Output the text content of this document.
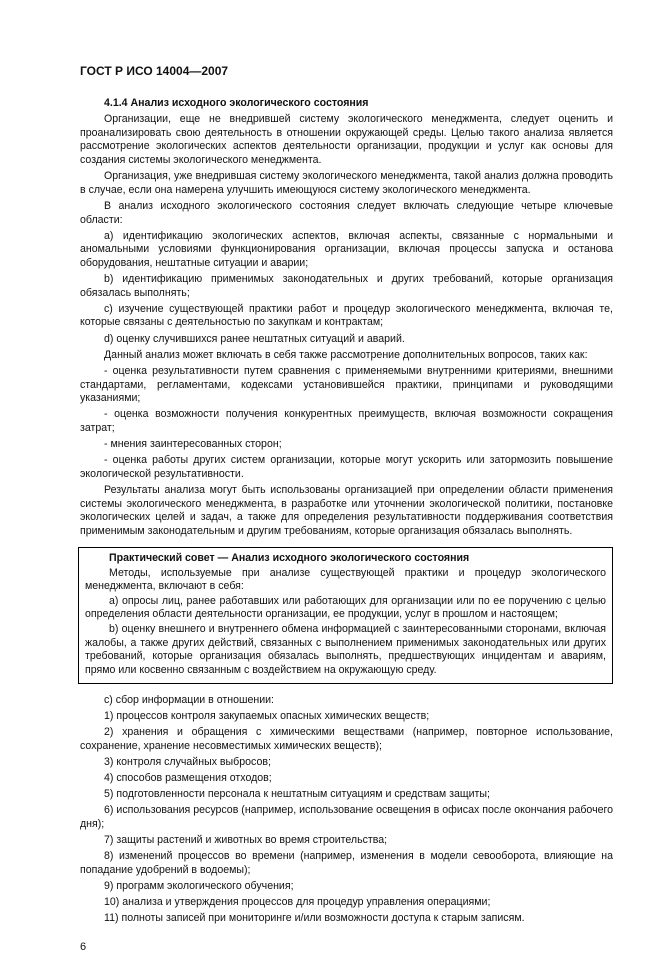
ГОСТ Р ИСО 14004—2007

4.1.4 Анализ исходного экологического состояния

Организации, еще не внедрившей систему экологического менеджмента, следует оценить и проанализировать свою деятельность в отношении окружающей среды. Целью такого анализа является рассмотрение экологических аспектов деятельности организации, продукции и услуг как основы для создания системы экологического менеджмента.

Организация, уже внедрившая систему экологического менеджмента, такой анализ должна проводить в случае, если она намерена улучшить имеющуюся систему экологического менеджмента.

В анализ исходного экологического состояния следует включать следующие четыре ключевые области:

a) идентификацию экологических аспектов, включая аспекты, связанные с нормальными и аномальными условиями функционирования организации, включая процессы запуска и останова оборудования, нештатные ситуации и аварии;

b) идентификацию применимых законодательных и других требований, которые организация обязалась выполнять;

c) изучение существующей практики работ и процедур экологического менеджмента, включая те, которые связаны с деятельностью по закупкам и контрактам;

d) оценку случившихся ранее нештатных ситуаций и аварий.

Данный анализ может включать в себя также рассмотрение дополнительных вопросов, таких как:

- оценка результативности путем сравнения с применяемыми внутренними критериями, внешними стандартами, регламентами, кодексами установившейся практики, принципами и руководящими указаниями;

- оценка возможности получения конкурентных преимуществ, включая возможности сокращения затрат;

- мнения заинтересованных сторон;

- оценка работы других систем организации, которые могут ускорить или затормозить повышение экологической результативности.

Результаты анализа могут быть использованы организацией при определении области применения системы экологического менеджмента, в разработке или уточнении экологической политики, постановке экологических целей и задач, а также для определения результативности поддерживания соответствия применимым законодательным и другим требованиям, которые организация обязалась выполнять.

Практический совет — Анализ исходного экологического состояния

Методы, используемые при анализе существующей практики и процедур экологического менеджмента, включают в себя:

a) опросы лиц, ранее работавших или работающих для организации или по ее поручению с целью определения области деятельности организации, ее продукции, услуг в прошлом и настоящем;

b) оценку внешнего и внутреннего обмена информацией с заинтересованными сторонами, включая жалобы, а также других действий, связанных с выполнением применимых законодательных или других требований, которые организация обязалась выполнять, предшествующих инцидентам и авариям, прямо или косвенно связанным с воздействием на окружающую среду.

c) сбор информации в отношении:

1) процессов контроля закупаемых опасных химических веществ;

2) хранения и обращения с химическими веществами (например, повторное использование, сохранение, хранение несовместимых химических веществ);

3) контроля случайных выбросов;

4) способов размещения отходов;

5) подготовленности персонала к нештатным ситуациям и средствам защиты;

6) использования ресурсов (например, использование освещения в офисах после окончания рабочего дня);

7) защиты растений и животных во время строительства;

8) изменений процессов во времени (например, изменения в модели севооборота, влияющие на попадание удобрений в водоемы);

9) программ экологического обучения;

10) анализа и утверждения процессов для процедур управления операциями;

11) полноты записей при мониторинге и/или возможности доступа к старым записям.

6
